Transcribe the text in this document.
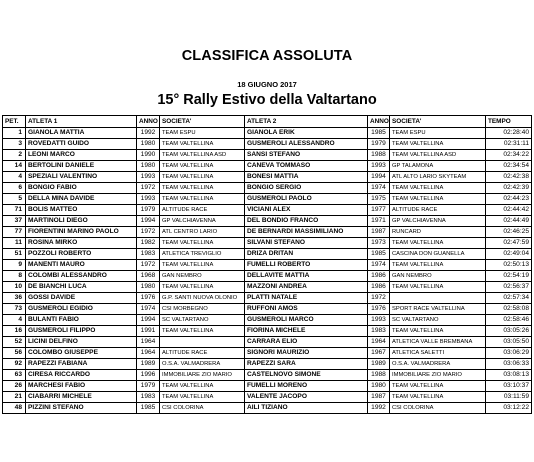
CLASSIFICA ASSOLUTA
18 GIUGNO 2017
15° Rally Estivo della Valtartano
PET.	ATLETA 1	ANNO	SOCIETA'	ATLETA 2	ANNO	SOCIETA'	TEMPO
1	GIANOLA MATTIA	1992	TEAM ESPU	GIANOLA ERIK	1985	TEAM ESPU	02:28:40
3	ROVEDATTI GUIDO	1980	TEAM VALTELLINA	GUSMEROLI ALESSANDRO	1979	TEAM VALTELLINA	02:31:11
2	LEONI MARCO	1990	TEAM VALTELLINA ASD	SANSI STEFANO	1988	TEAM VALTELLINA ASD	02:34:22
14	BERTOLINI DANIELE	1980	TEAM VALTELLINA	CANEVA TOMMASO	1993	GP TALAMONA	02:34:54
4	SPEZIALI VALENTINO	1993	TEAM VALTELLINA	BONESI MATTIA	1994	ATL ALTO LARIO SKYTEAM	02:42:38
6	BONGIO FABIO	1972	TEAM VALTELLINA	BONGIO SERGIO	1974	TEAM VALTELLINA	02:42:39
5	DELLA MINA DAVIDE	1993	TEAM VALTELLINA	GUSMEROLI PAOLO	1975	TEAM VALTELLINA	02:44:23
71	BOLIS MATTEO	1979	ALTITUDE RACE	VICIANI ALEX	1977	ALTITUDE RACE	02:44:42
37	MARTINOLI DIEGO	1994	GP VALCHIAVENNA	DEL BONDIO FRANCO	1971	GP VALCHIAVENNA	02:44:49
77	FIORENTINI MARINO PAOLO	1972	ATL CENTRO LARIO	DE BERNARDI MASSIMILIANO	1987	RUNCARD	02:46:25
11	ROSINA MIRKO	1982	TEAM VALTELLINA	SILVANI STEFANO	1973	TEAM VALTELLINA	02:47:59
51	POZZOLI ROBERTO	1983	ATLETICA TREVIGLIO	DRIZA DRITAN	1985	CASCINA DON GUANELLA	02:49:04
9	MANENTI MAURO	1972	TEAM VALTELLINA	FUMELLI ROBERTO	1974	TEAM VALTELLINA	02:50:13
8	COLOMBI ALESSANDRO	1968	GAN NEMBRO	DELLAVITE MATTIA	1986	GAN NEMBRO	02:54:19
10	DE BIANCHI LUCA	1980	TEAM VALTELLINA	MAZZONI ANDREA	1986	TEAM VALTELLINA	02:56:37
36	GOSSI DAVIDE	1976	G.P. SANTI NUOVA OLONIO	PLATTI NATALE	1972		02:57:34
73	GUSMEROLI EGIDIO	1974	CSI MORBEGNO	RUFFONI AMOS	1976	SPORT RACE VALTELLINA	02:58:08
4	BULANTI FABIO	1994	SC VALTARTANO	GUSMEROLI MARCO	1993	SC VALTARTANO	02:58:46
16	GUSMEROLI FILIPPO	1991	TEAM VALTELLINA	FIORINA MICHELE	1983	TEAM VALTELLINA	03:05:26
52	LICINI DELFINO	1964		CARRARA ELIO	1964	ATLETICA VALLE BREMBANA	03:05:50
56	COLOMBO GIUSEPPE	1964	ALTITUDE RACE	SIGNORI MAURIZIO	1967	ATLETICA SALETTI	03:06:29
92	RAPEZZI FABIANA	1989	O.S.A. VALMADRERA	RAPEZZI SARA	1989	O.S.A. VALMADRERA	03:06:33
63	CIRESA RICCARDO	1996	IMMOBILIARE ZIO MARIO	CASTELNOVO SIMONE	1988	IMMOBILIARE ZIO MARIO	03:08:13
26	MARCHESI FABIO	1979	TEAM VALTELLINA	FUMELLI MORENO	1980	TEAM VALTELLINA	03:10:37
21	CIABARRI MICHELE	1983	TEAM VALTELLINA	VALENTE JACOPO	1987	TEAM VALTELLINA	03:11:59
48	PIZZINI STEFANO	1985	CSI COLORINA	AILI TIZIANO	1992	CSI COLORINA	03:12:22
